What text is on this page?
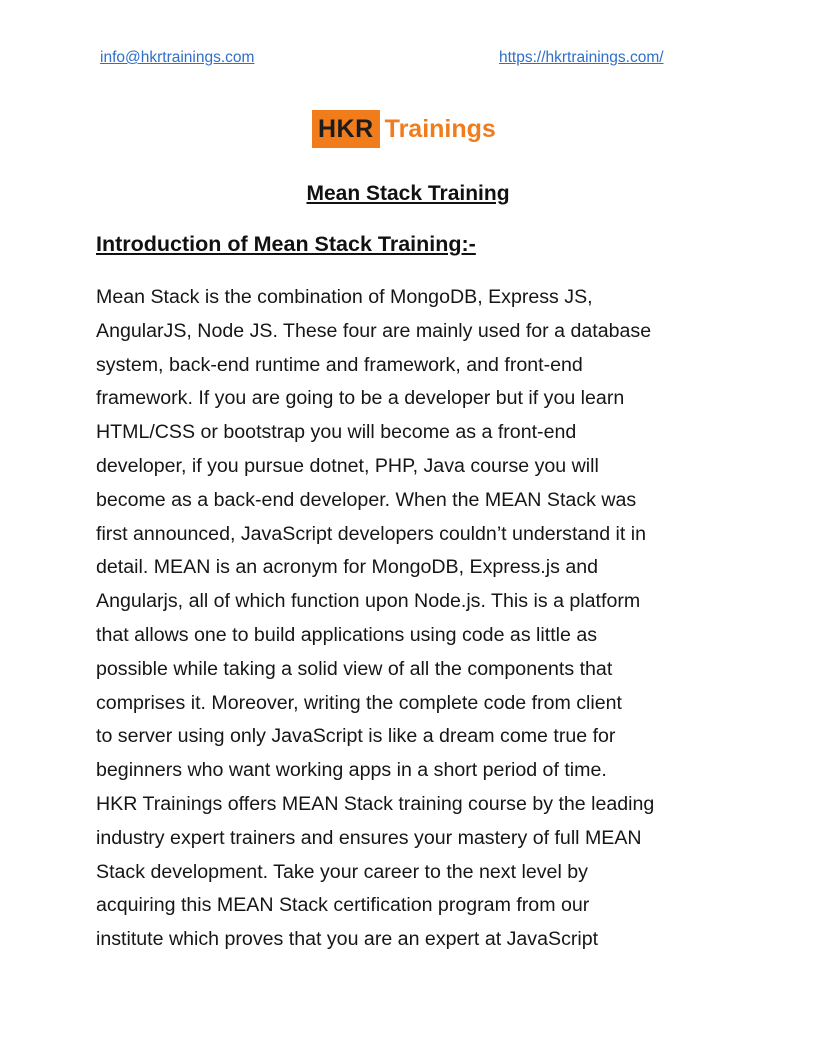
info@hkrtrainings.com	https://hkrtrainings.com/
HKR Trainings
Mean Stack Training
Introduction of Mean Stack Training:-

Mean Stack is the combination of MongoDB, Express JS,
AngularJS, Node JS. These four are mainly used for a database
system, back-end runtime and framework, and front-end
framework. If you are going to be a developer but if you learn
HTML/CSS or bootstrap you will become as a front-end
developer, if you pursue dotnet, PHP, Java course you will
become as a back-end developer. When the MEAN Stack was
first announced, JavaScript developers couldn’t understand it in
detail. MEAN is an acronym for MongoDB, Express.js and
Angularjs, all of which function upon Node.js. This is a platform
that allows one to build applications using code as little as
possible while taking a solid view of all the components that
comprises it. Moreover, writing the complete code from client
to server using only JavaScript is like a dream come true for
beginners who want working apps in a short period of time.
HKR Trainings offers MEAN Stack training course by the leading
industry expert trainers and ensures your mastery of full MEAN
Stack development. Take your career to the next level by
acquiring this MEAN Stack certification program from our
institute which proves that you are an expert at JavaScript
